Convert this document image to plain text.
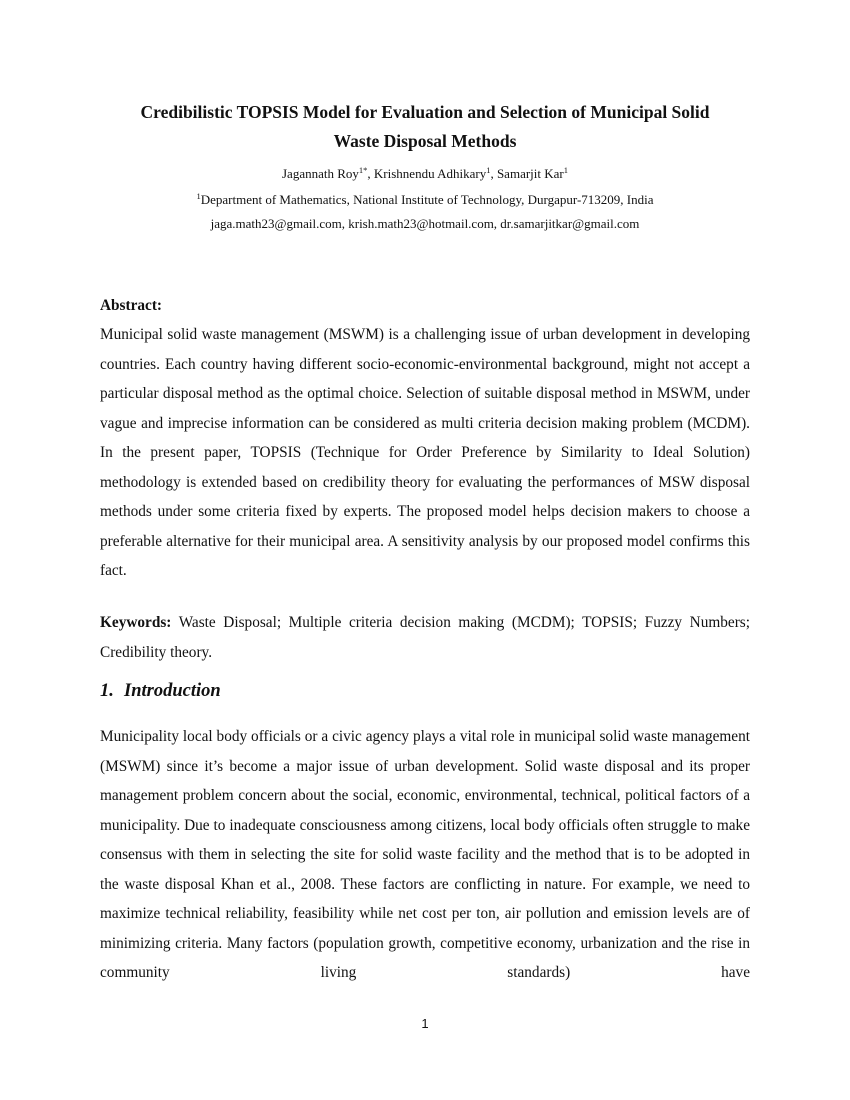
Credibilistic TOPSIS Model for Evaluation and Selection of Municipal Solid
Waste Disposal Methods
Jagannath Roy$^{1*}$, Krishnendu Adhikary$^1$, Samarjit Kar$^1$
$^1$Department of Mathematics, National Institute of Technology, Durgapur-713209, India
jaga.math23@gmail.com, krish.math23@hotmail.com, dr.samarjitkar@gmail.com
Abstract:
Municipal solid waste management (MSWM) is a challenging issue of urban development in developing countries. Each country having different socio-economic-environmental background, might not accept a particular disposal method as the optimal choice. Selection of suitable disposal method in MSWM, under vague and imprecise information can be considered as multi criteria decision making problem (MCDM). In the present paper, TOPSIS (Technique for Order Preference by Similarity to Ideal Solution) methodology is extended based on credibility theory for evaluating the performances of MSW disposal methods under some criteria fixed by experts. The proposed model helps decision makers to choose a preferable alternative for their municipal area. A sensitivity analysis by our proposed model confirms this fact.
Keywords: Waste Disposal; Multiple criteria decision making (MCDM); TOPSIS; Fuzzy Numbers; Credibility theory.
1. Introduction
Municipality local body officials or a civic agency plays a vital role in municipal solid waste management (MSWM) since it’s become a major issue of urban development. Solid waste disposal and its proper management problem concern about the social, economic, environmental, technical, political factors of a municipality. Due to inadequate consciousness among citizens, local body officials often struggle to make consensus with them in selecting the site for solid waste facility and the method that is to be adopted in the waste disposal Khan et al., 2008. These factors are conflicting in nature. For example, we need to maximize technical reliability, feasibility while net cost per ton, air pollution and emission levels are of minimizing criteria. Many factors (population growth, competitive economy, urbanization and the rise in community living standards) have
1
